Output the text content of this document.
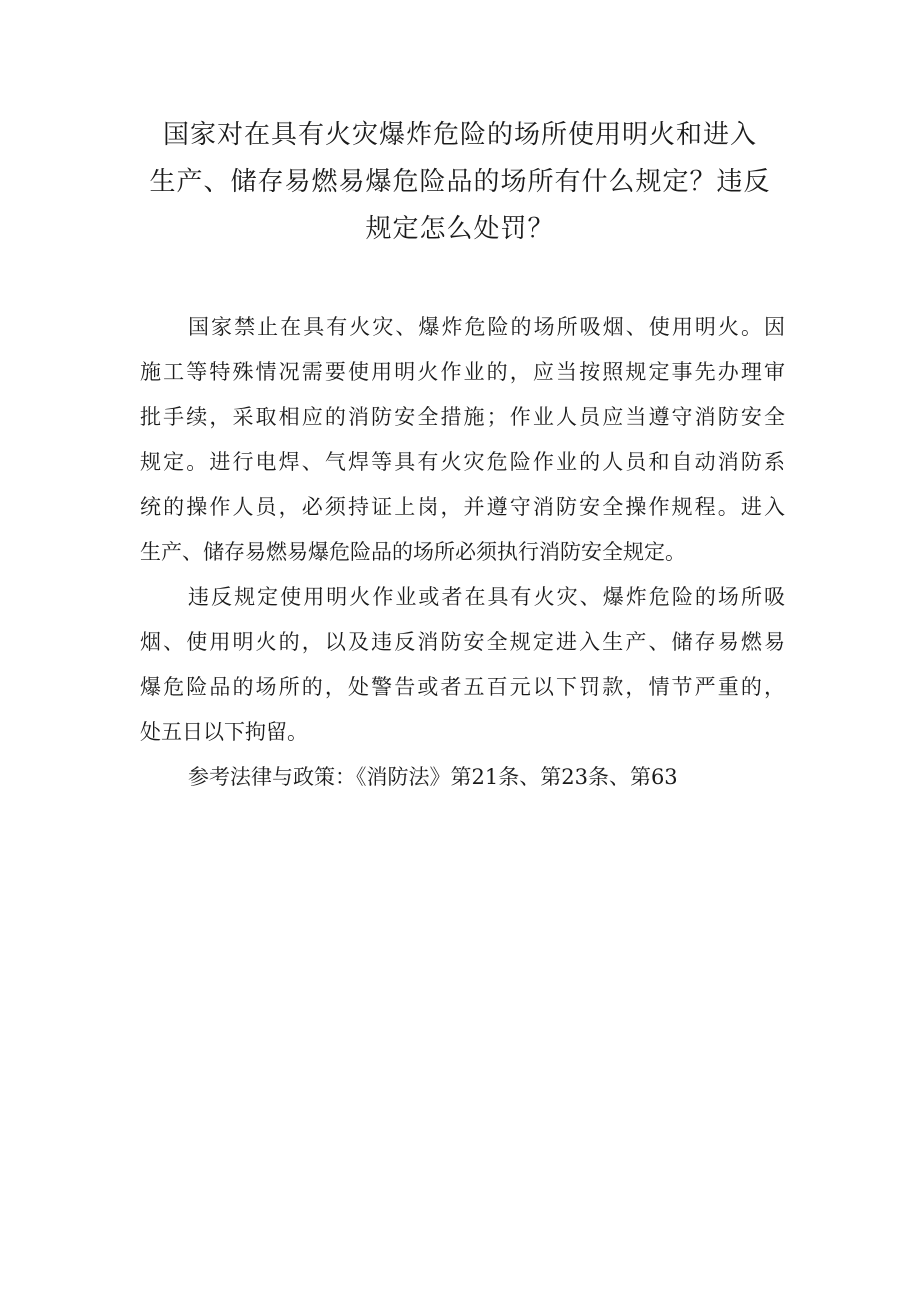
国家对在具有火灾爆炸危险的场所使用明火和进入
生产、储存易燃易爆危险品的场所有什么规定？违反
规定怎么处罚？

国家禁止在具有火灾、爆炸危险的场所吸烟、使用明火。因
施工等特殊情况需要使用明火作业的，应当按照规定事先办理审
批手续，采取相应的消防安全措施；作业人员应当遵守消防安全
规定。进行电焊、气焊等具有火灾危险作业的人员和自动消防系
统的操作人员，必须持证上岗，并遵守消防安全操作规程。进入
生产、储存易燃易爆危险品的场所必须执行消防安全规定。

违反规定使用明火作业或者在具有火灾、爆炸危险的场所吸
烟、使用明火的，以及违反消防安全规定进入生产、储存易燃易
爆危险品的场所的，处警告或者五百元以下罚款，情节严重的，
处五日以下拘留。

参考法律与政策：《消防法》第21条、第23条、第63
